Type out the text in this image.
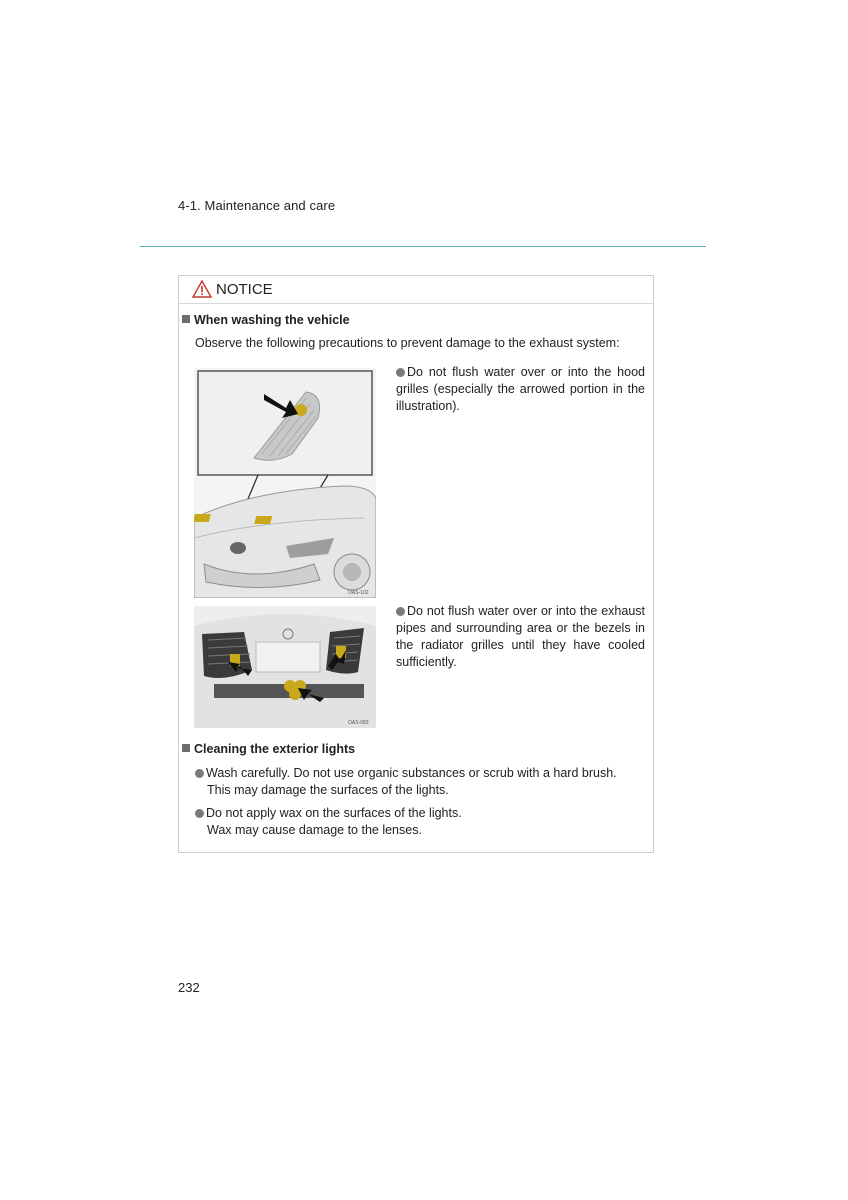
4-1. Maintenance and care
NOTICE
When washing the vehicle
Observe the following precautions to prevent damage to the exhaust system:
OAS-102
Do not flush water over or into the hood grilles (especially the arrowed portion in the illustration).
OAS-083
Do not flush water over or into the exhaust pipes and surrounding area or the bezels in the radiator grilles until they have cooled sufficiently.
Cleaning the exterior lights
Wash carefully. Do not use organic substances or scrub with a hard brush.
This may damage the surfaces of the lights.
Do not apply wax on the surfaces of the lights.
Wax may cause damage to the lenses.
232
